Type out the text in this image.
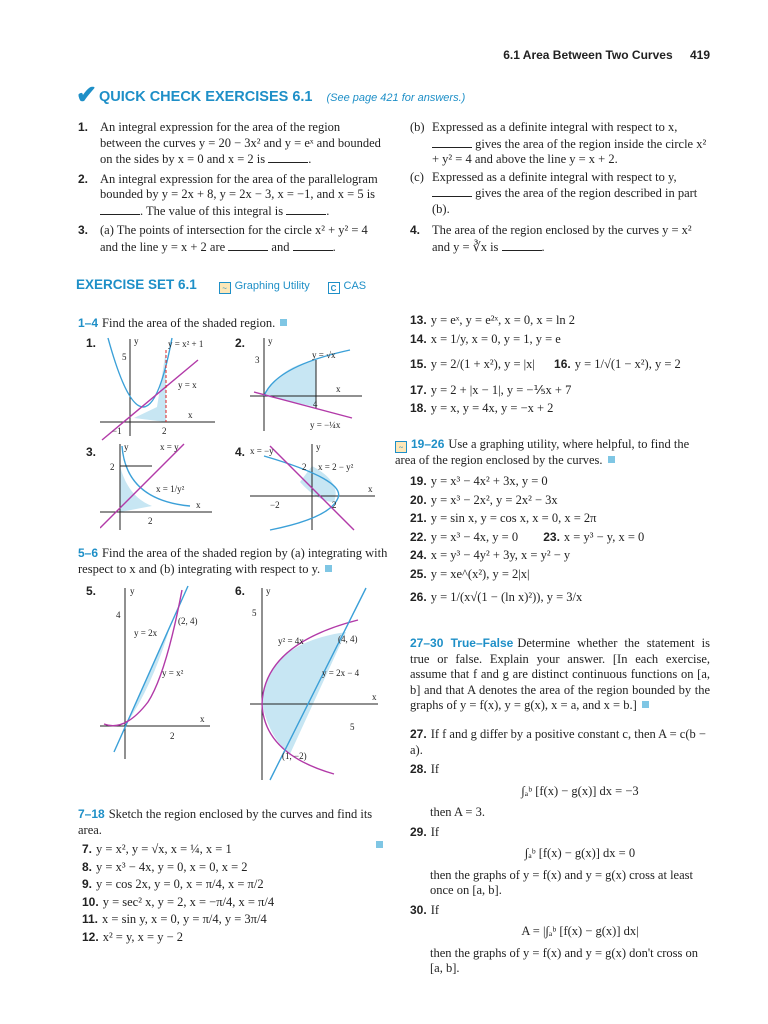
6.1 Area Between Two Curves 419
✔ QUICK CHECK EXERCISES 6.1 (See page 421 for answers.)
1. An integral expression for the area of the region between the curves y = 20 − 3x² and y = eˣ and bounded on the sides by x = 0 and x = 2 is	.
2. An integral expression for the area of the parallelogram bounded by y = 2x + 8, y = 2x − 3, x = −1, and x = 5 is . The value of this integral is	.
3. (a) The points of intersection for the circle x² + y² = 4 and the line y = x + 2 are	and	.
(b) Expressed as a definite integral with respect to x,  gives the area of the region inside the circle x² + y² = 4 and above the line y = x + 2.
(c) Expressed as a definite integral with respect to y,  gives the area of the region described in part (b).
4. The area of the region enclosed by the curves y = x² and y = ∛x is	.
EXERCISE SET 6.1	~ Graphing Utility	C CAS
1–4 Find the area of the shaded region.
1.	y	y = x² + 1
y = x
5
x
−1	2
2.	y
y = √x
3
x
4
y = −¼x
3.	y	x = y
2
x = 1/y²
x
2
4. x = −y	y
2 x = 2 − y²
x
−2	2
5–6 Find the area of the shaded region by (a) integrating with respect to x and (b) integrating with respect to y.
5.	y
4
(2, 4)
y = 2x
y = x²
x
2
6. y
5
y² = 4x	(4, 4)
y = 2x − 4
x
5
(1, −2)
7–18 Sketch the region enclosed by the curves and find its area.
7. y = x², y = √x, x = ¼, x = 1
8. y = x³ − 4x, y = 0, x = 0, x = 2
9. y = cos 2x, y = 0, x = π/4, x = π/2
10. y = sec² x, y = 2, x = −π/4, x = π/4
11. x = sin y, x = 0, y = π/4, y = 3π/4
12. x² = y, x = y − 2
13. y = eˣ, y = e²ˣ, x = 0, x = ln 2
14. x = 1/y, x = 0, y = 1, y = e
15. y = 2/(1 + x²), y = |x| 16. y = 1/√(1 − x²), y = 2
17. y = 2 + |x − 1|, y = −⅕x + 7
18. y = x, y = 4x, y = −x + 2
~ 19–26 Use a graphing utility, where helpful, to find the area of the region enclosed by the curves.
19. y = x³ − 4x² + 3x, y = 0
20. y = x³ − 2x², y = 2x² − 3x
21. y = sin x, y = cos x, x = 0, x = 2π
22. y = x³ − 4x, y = 0 23. x = y³ − y, x = 0
24. x = y³ − 4y² + 3y, x = y² − y
25. y = xe^(x²), y = 2|x|
26. y = 1/(x√(1 − (ln x)²)), y = 3/x
27–30 True–False Determine whether the statement is true or false. Explain your answer. [In each exercise, assume that f and g are distinct continuous functions on [a, b] and that A denotes the area of the region bounded by the graphs of y = f(x), y = g(x), x = a, and x = b.]
27. If f and g differ by a positive constant c, then A = c(b − a).
28. If
∫ₐᵇ [f(x) − g(x)] dx = −3
then A = 3.
29. If
∫ₐᵇ [f(x) − g(x)] dx = 0
then the graphs of y = f(x) and y = g(x) cross at least once on [a, b].
30. If
A = |∫ₐᵇ [f(x) − g(x)] dx|
then the graphs of y = f(x) and y = g(x) don't cross on [a, b].
